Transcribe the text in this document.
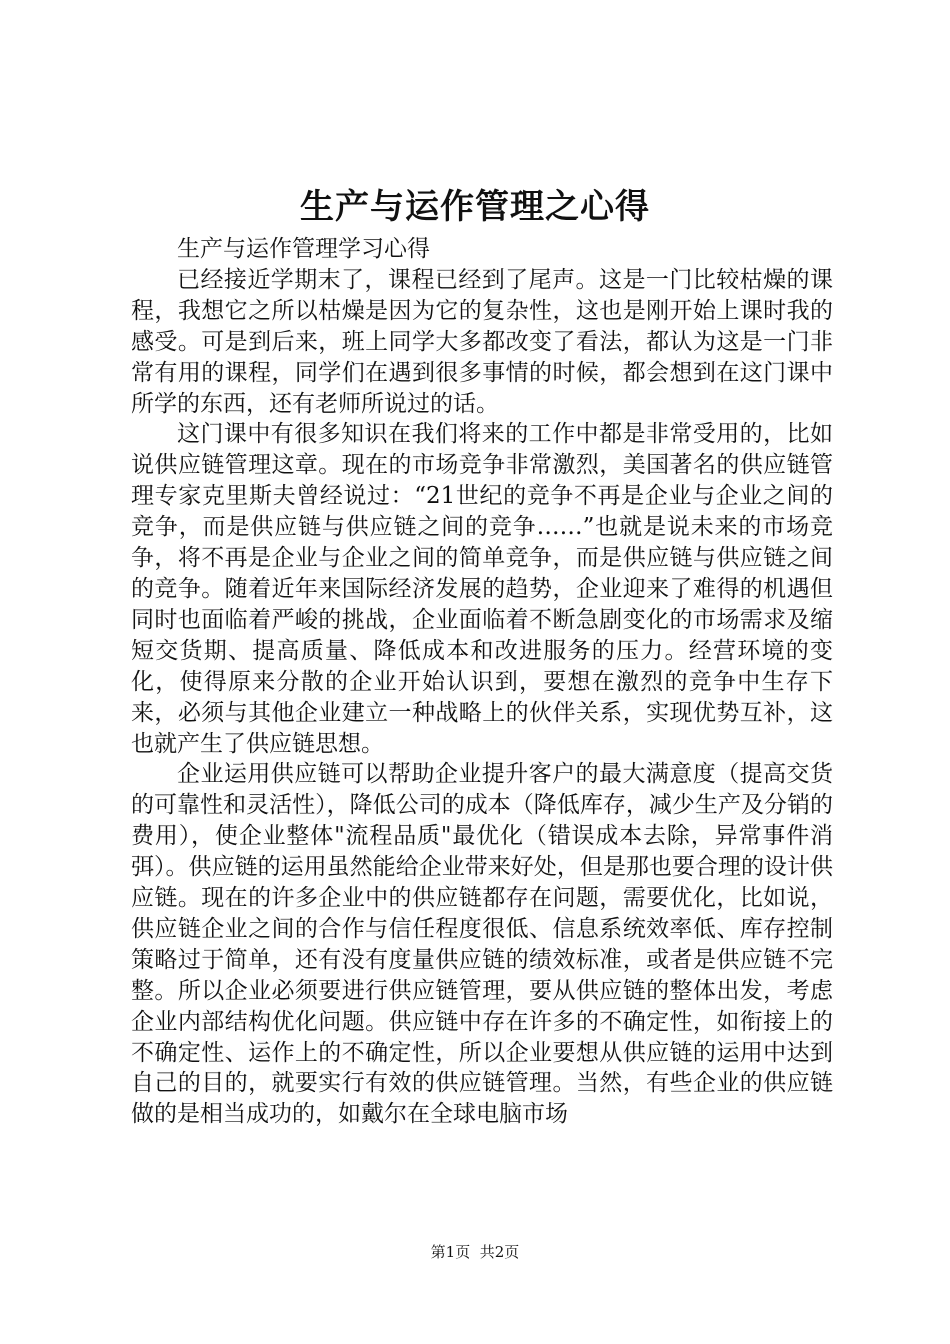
生产与运作管理之心得

生产与运作管理学习心得

已经接近学期末了，课程已经到了尾声。这是一门比较枯燥的课程，我想它之所以枯燥是因为它的复杂性，这也是刚开始上课时我的感受。可是到后来，班上同学大多都改变了看法，都认为这是一门非常有用的课程，同学们在遇到很多事情的时候，都会想到在这门课中所学的东西，还有老师所说过的话。

这门课中有很多知识在我们将来的工作中都是非常受用的，比如说供应链管理这章。现在的市场竞争非常激烈，美国著名的供应链管理专家克里斯夫曾经说过：“21世纪的竞争不再是企业与企业之间的竞争，而是供应链与供应链之间的竞争……”也就是说未来的市场竞争，将不再是企业与企业之间的简单竞争，而是供应链与供应链之间的竞争。随着近年来国际经济发展的趋势，企业迎来了难得的机遇但同时也面临着严峻的挑战，企业面临着不断急剧变化的市场需求及缩短交货期、提高质量、降低成本和改进服务的压力。经营环境的变化，使得原来分散的企业开始认识到，要想在激烈的竞争中生存下来，必须与其他企业建立一种战略上的伙伴关系，实现优势互补，这也就产生了供应链思想。

企业运用供应链可以帮助企业提升客户的最大满意度（提高交货的可靠性和灵活性），降低公司的成本（降低库存，减少生产及分销的费用），使企业整体"流程品质"最优化（错误成本去除，异常事件消弭）。供应链的运用虽然能给企业带来好处，但是那也要合理的设计供应链。现在的许多企业中的供应链都存在问题，需要优化，比如说，供应链企业之间的合作与信任程度很低、信息系统效率低、库存控制策略过于简单，还有没有度量供应链的绩效标准，或者是供应链不完整。所以企业必须要进行供应链管理，要从供应链的整体出发，考虑企业内部结构优化问题。供应链中存在许多的不确定性，如衔接上的不确定性、运作上的不确定性，所以企业要想从供应链的运用中达到自己的目的，就要实行有效的供应链管理。当然，有些企业的供应链做的是相当成功的，如戴尔在全球电脑市场

第1页 共2页
